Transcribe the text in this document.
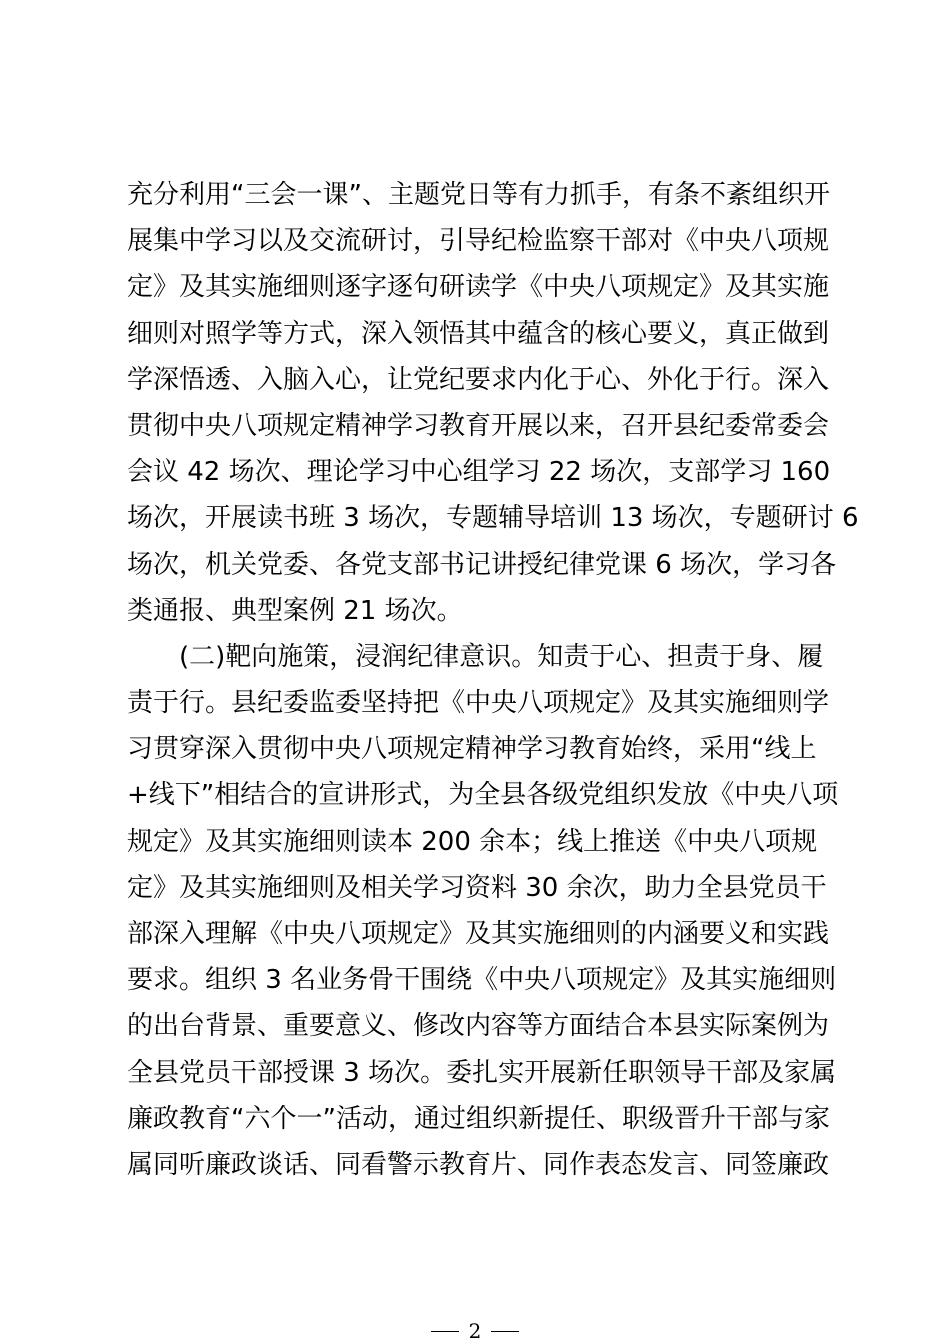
充分利用“三会一课”、主题党日等有力抓手，有条不紊组织开
展集中学习以及交流研讨，引导纪检监察干部对《中央八项规
定》及其实施细则逐字逐句研读学《中央八项规定》及其实施
细则对照学等方式，深入领悟其中蕴含的核心要义，真正做到
学深悟透、入脑入心，让党纪要求内化于心、外化于行。深入
贯彻中央八项规定精神学习教育开展以来，召开县纪委常委会
会议 42 场次、理论学习中心组学习 22 场次，支部学习 160
场次，开展读书班 3 场次，专题辅导培训 13 场次，专题研讨 6
场次，机关党委、各党支部书记讲授纪律党课 6 场次，学习各
类通报、典型案例 21 场次。
　　(二)靶向施策，浸润纪律意识。知责于心、担责于身、履
责于行。县纪委监委坚持把《中央八项规定》及其实施细则学
习贯穿深入贯彻中央八项规定精神学习教育始终，采用“线上
+线下”相结合的宣讲形式，为全县各级党组织发放《中央八项
规定》及其实施细则读本 200 余本；线上推送《中央八项规
定》及其实施细则及相关学习资料 30 余次，助力全县党员干
部深入理解《中央八项规定》及其实施细则的内涵要义和实践
要求。组织 3 名业务骨干围绕《中央八项规定》及其实施细则
的出台背景、重要意义、修改内容等方面结合本县实际案例为
全县党员干部授课 3 场次。委扎实开展新任职领导干部及家属
廉政教育“六个一”活动，通过组织新提任、职级晋升干部与家
属同听廉政谈话、同看警示教育片、同作表态发言、同签廉政
2
